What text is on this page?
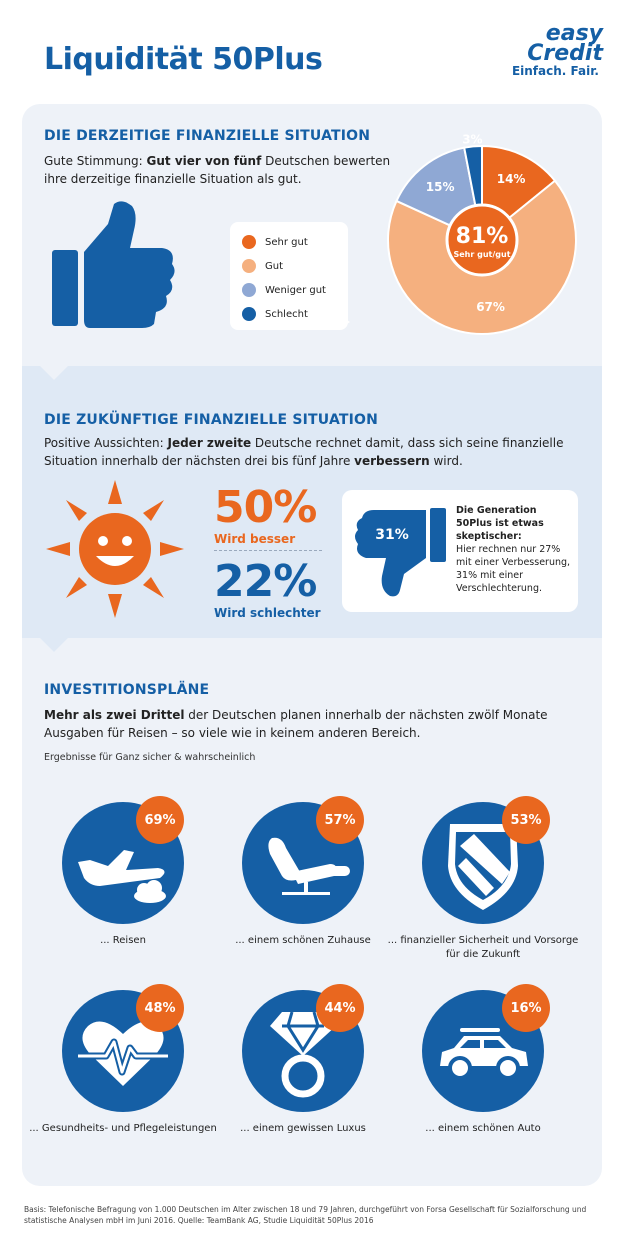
Liquidität 50Plus
easy
Credit
Einfach. Fair.
DIE DERZEITIGE FINANZIELLE SITUATION
Gute Stimmung: Gut vier von fünf Deutschen bewerten
ihre derzeitige finanzielle Situation als gut.
Sehr gut
Gut
Weniger gut
Schlecht
14%
67%
15%
3%
81%
Sehr gut/gut
DIE ZUKÜNFTIGE FINANZIELLE SITUATION
Positive Aussichten: Jeder zweite Deutsche rechnet damit, dass sich seine finanzielle
Situation innerhalb der nächsten drei bis fünf Jahre verbessern wird.
50%
Wird besser
22%
Wird schlechter
31%
Die Generation 50Plus ist etwas skeptischer:
Hier rechnen nur 27% mit einer Verbesserung, 31% mit einer Verschlechterung.
INVESTITIONSPLÄNE
Mehr als zwei Drittel der Deutschen planen innerhalb der nächsten zwölf Monate
Ausgaben für Reisen – so viele wie in keinem anderen Bereich.
Ergebnisse für Ganz sicher & wahrscheinlich
69%
... Reisen
57%
... einem schönen Zuhause
53%
... finanzieller Sicherheit und Vorsorge für die Zukunft
48%
... Gesundheits- und Pflegeleistungen
44%
... einem gewissen Luxus
16%
... einem schönen Auto
Basis: Telefonische Befragung von 1.000 Deutschen im Alter zwischen 18 und 79 Jahren, durchgeführt von Forsa Gesellschaft für Sozialforschung und statistische Analysen mbH im Juni 2016. Quelle: TeamBank AG, Studie Liquidität 50Plus 2016
